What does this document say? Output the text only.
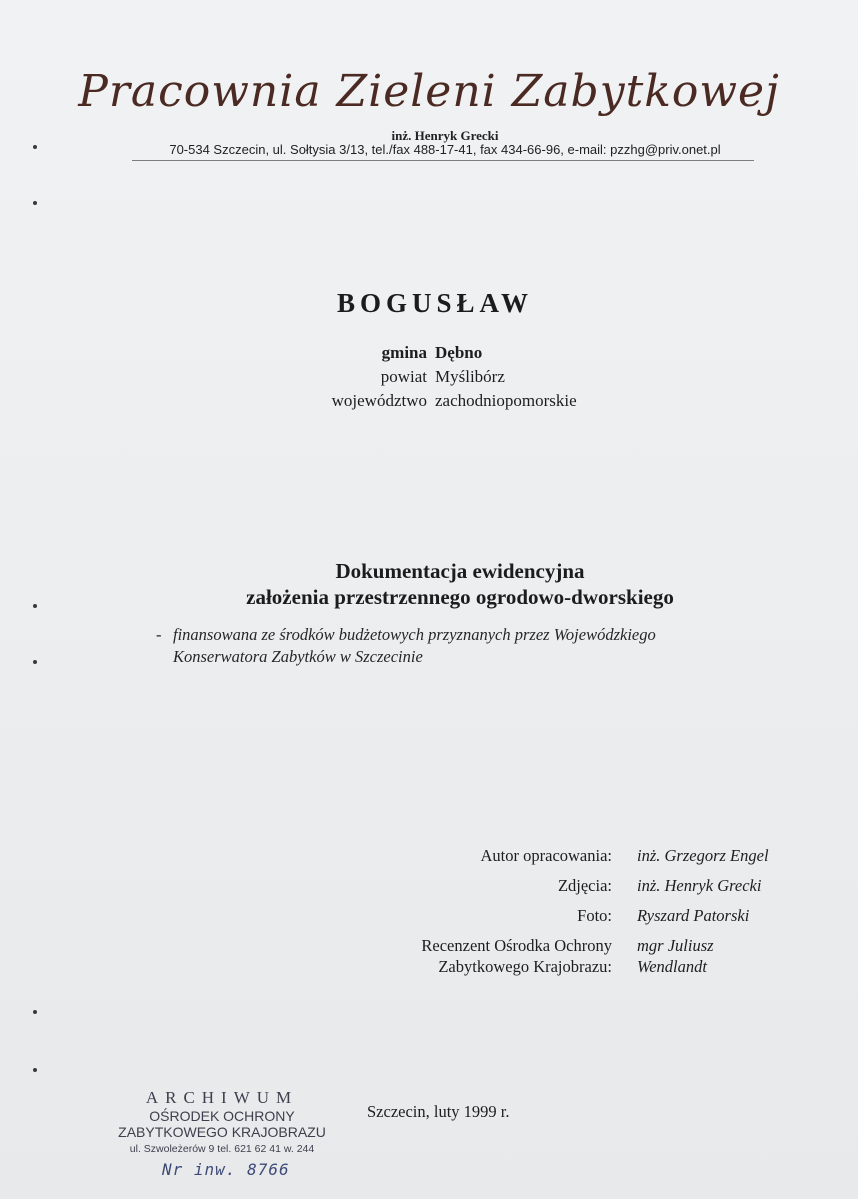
Pracownia Zieleni Zabytkowej
inż. Henryk Grecki
70-534 Szczecin, ul. Sołtysia 3/13, tel./fax 488-17-41, fax 434-66-96, e-mail: pzzhg@priv.onet.pl
BOGUSŁAW
gmina Dębno
powiat Myślibórz
województwo zachodniopomorskie
Dokumentacja ewidencyjna
założenia przestrzennego ogrodowo-dworskiego
- finansowana ze środków budżetowych przyznanych przez Wojewódzkiego
Konserwatora Zabytków w Szczecinie
Autor opracowania: inż. Grzegorz Engel
Zdjęcia: inż. Henryk Grecki
Foto: Ryszard Patorski
Recenzent Ośrodka Ochrony
Zabytkowego Krajobrazu:
mgr Juliusz
Wendlandt
Szczecin, luty 1999 r.
ARCHIWUM
OŚRODEK OCHRONY
ZABYTKOWEGO KRAJOBRAZU
ul. Szwoleżerów 9 tel. 621 62 41 w. 244
Nr inw. 8766
